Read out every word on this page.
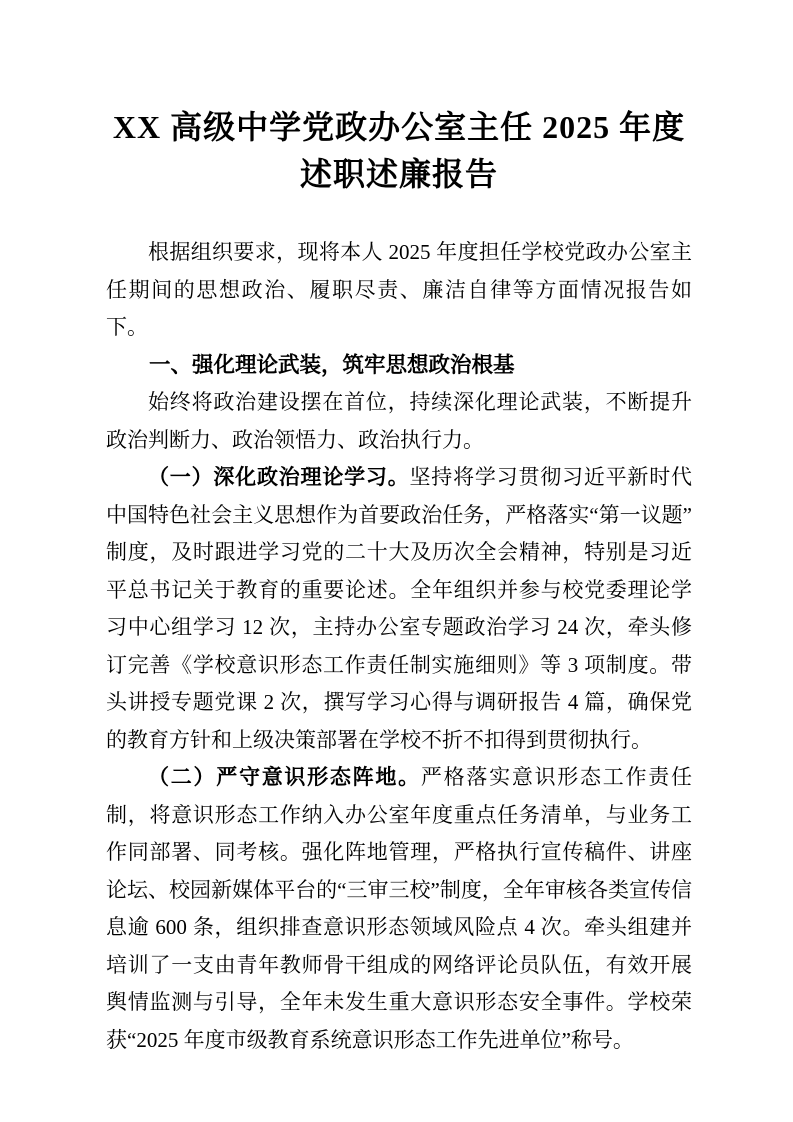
XX 高级中学党政办公室主任 2025 年度述职述廉报告

根据组织要求，现将本人 2025 年度担任学校党政办公室主任期间的思想政治、履职尽责、廉洁自律等方面情况报告如下。

一、强化理论武装，筑牢思想政治根基

始终将政治建设摆在首位，持续深化理论武装，不断提升政治判断力、政治领悟力、政治执行力。

（一）深化政治理论学习。坚持将学习贯彻习近平新时代中国特色社会主义思想作为首要政治任务，严格落实“第一议题”制度，及时跟进学习党的二十大及历次全会精神，特别是习近平总书记关于教育的重要论述。全年组织并参与校党委理论学习中心组学习 12 次，主持办公室专题政治学习 24 次，牵头修订完善《学校意识形态工作责任制实施细则》等 3 项制度。带头讲授专题党课 2 次，撰写学习心得与调研报告 4 篇，确保党的教育方针和上级决策部署在学校不折不扣得到贯彻执行。

（二）严守意识形态阵地。严格落实意识形态工作责任制，将意识形态工作纳入办公室年度重点任务清单，与业务工作同部署、同考核。强化阵地管理，严格执行宣传稿件、讲座论坛、校园新媒体平台的“三审三校”制度，全年审核各类宣传信息逾 600 条，组织排查意识形态领域风险点 4 次。牵头组建并培训了一支由青年教师骨干组成的网络评论员队伍，有效开展舆情监测与引导，全年未发生重大意识形态安全事件。学校荣获“2025 年度市级教育系统意识形态工作先进单位”称号。
